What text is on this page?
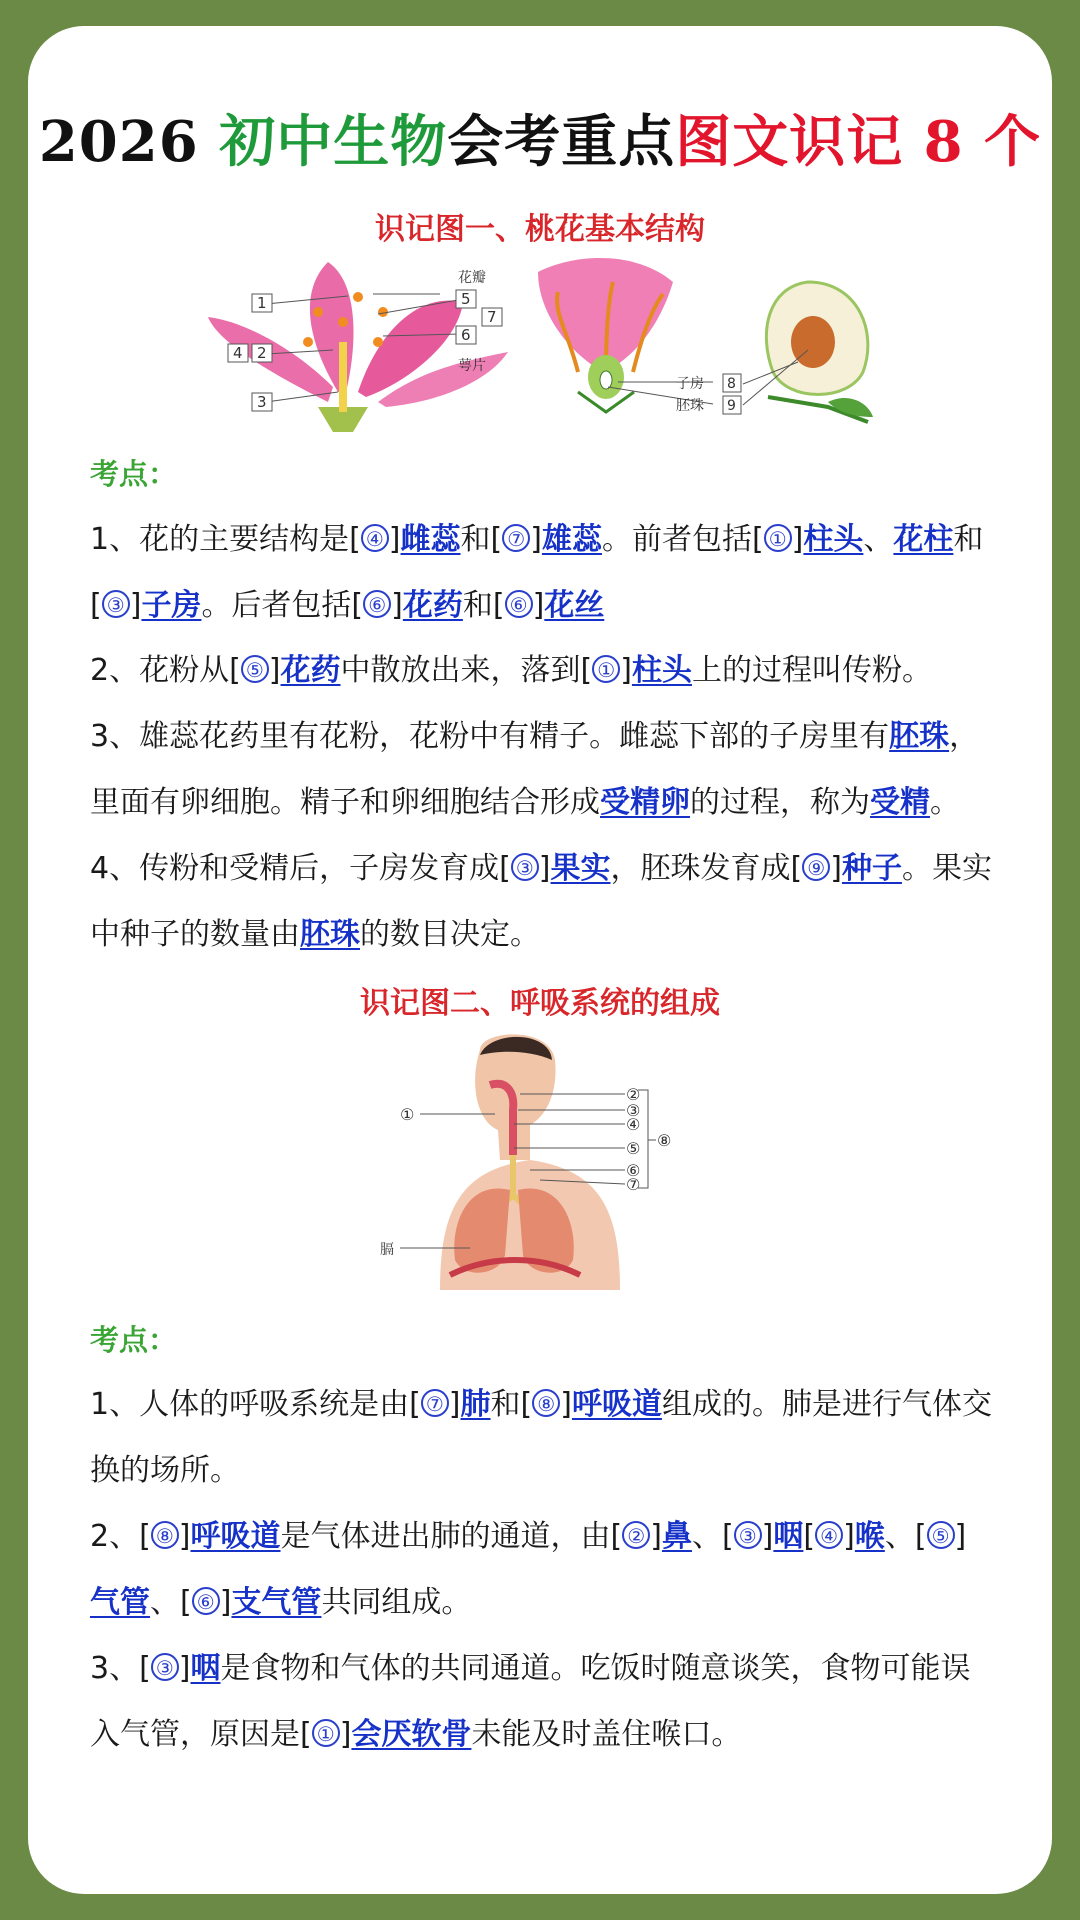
2026 初中生物会考重点图文识记 8 个
识记图一、桃花基本结构
1
2
3
4
5
6
7
花瓣
萼片
子房
胚珠
8
9
考点：
1、花的主要结构是[ ④ ]雌蕊和[ ⑦ ]雄蕊。前者包括[ ① ]柱头、花柱和[ ③ ]子房。后者包括[ ⑥ ]花药和[ ⑥ ]花丝
2、花粉从[ ⑤ ]花药中散放出来，落到[ ① ]柱头上的过程叫传粉。
3、雄蕊花药里有花粉，花粉中有精子。雌蕊下部的子房里有胚珠，里面有卵细胞。精子和卵细胞结合形成受精卵的过程，称为受精。
4、传粉和受精后，子房发育成[ ③ ]果实，胚珠发育成[ ⑨ ]种子。果实中种子的数量由胚珠的数目决定。
识记图二、呼吸系统的组成
①
②
③
④
⑤
⑥
⑦
⑧
膈
考点：
1、人体的呼吸系统是由[ ⑦ ]肺和[ ⑧ ]呼吸道组成的。肺是进行气体交换的场所。
2、[ ⑧ ]呼吸道是气体进出肺的通道，由[ ② ]鼻、[ ③ ]咽[ ④ ]喉、[ ⑤ ]气管、[ ⑥ ]支气管共同组成。
3、[ ③ ]咽是食物和气体的共同通道。吃饭时随意谈笑，食物可能误入气管，原因是[ ① ]会厌软骨未能及时盖住喉口。
